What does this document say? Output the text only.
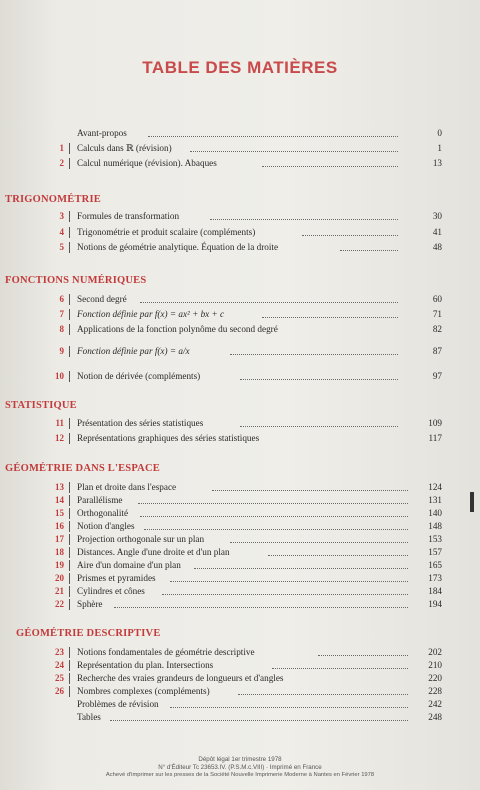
TABLE DES MATIÈRES
Avant-propos	0
1 Calculs dans ℝ (révision)	1
2 Calcul numérique (révision). Abaques	13
TRIGONOMÉTRIE
3 Formules de transformation	30
4 Trigonométrie et produit scalaire (compléments)	41
5 Notions de géométrie analytique. Équation de la droite	48
FONCTIONS NUMÉRIQUES
6 Second degré	60
7 Fonction définie par f(x) = ax² + bx + c	71
8 Applications de la fonction polynôme du second degré	82
9 Fonction définie par f(x) = a/x	87
10 Notion de dérivée (compléments)	97
STATISTIQUE
11 Présentation des séries statistiques	109
12 Représentations graphiques des séries statistiques	117
GÉOMÉTRIE DANS L'ESPACE
13 Plan et droite dans l'espace	124
14 Parallélisme	131
15 Orthogonalité	140
16 Notion d'angles	148
17 Projection orthogonale sur un plan	153
18 Distances. Angle d'une droite et d'un plan	157
19 Aire d'un domaine d'un plan	165
20 Prismes et pyramides	173
21 Cylindres et cônes	184
22 Sphère	194
GÉOMÉTRIE DESCRIPTIVE
23 Notions fondamentales de géométrie descriptive	202
24 Représentation du plan. Intersections	210
25 Recherche des vraies grandeurs de longueurs et d'angles	220
26 Nombres complexes (compléments)	228
Problèmes de révision	242
Tables	248
Dépôt légal 1er trimestre 1978
N° d'Éditeur Tc 23653.IV. (P.S.M.c.VIII) · Imprimé en France
Achevé d'imprimer sur les presses de la Société Nouvelle Imprimerie Moderne à Nantes en Février 1978
